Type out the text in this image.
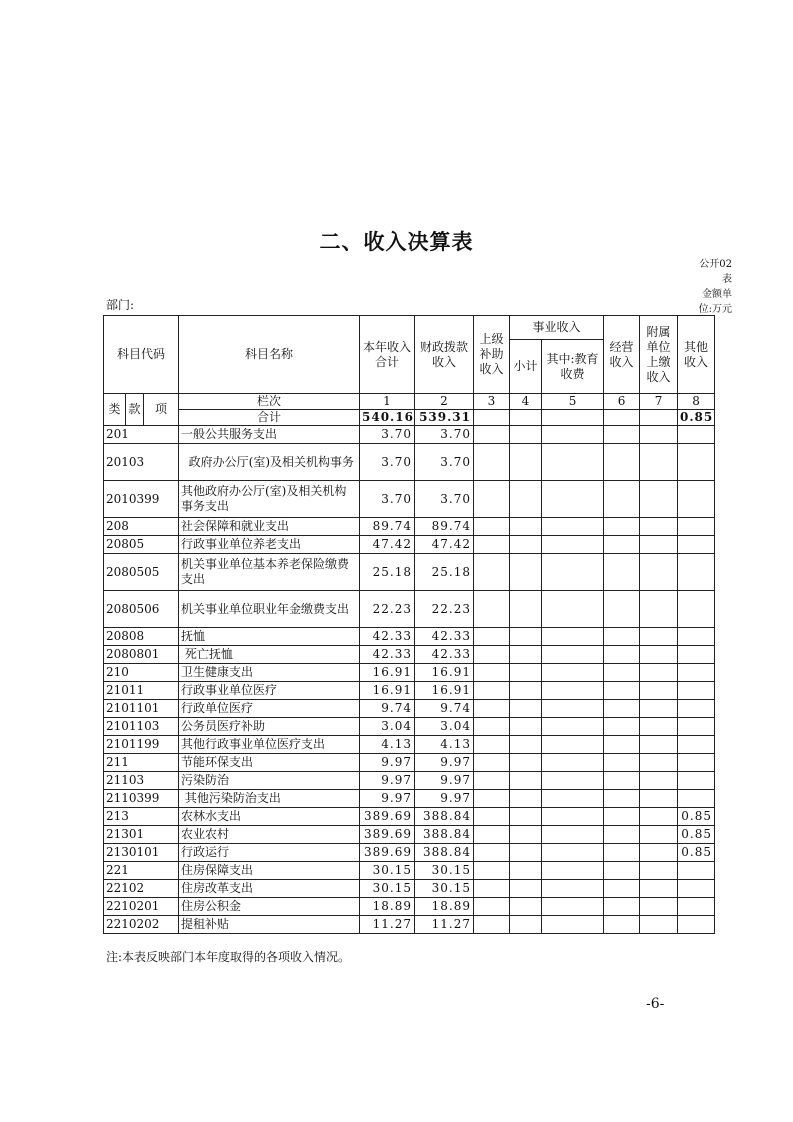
二、收入决算表
公开02
表
金额单
位:万元
部门:
科目代码			科目名称	本年收入合计	财政拨款收入	上级补助收入	事业收入		经营收入	附属单位上缴收入	其他收入
							小计	其中:教育收费			

类	款	项	栏次	1	2	3	4	5	6	7	8
			合计	540.16	539.31						0.85
201			一般公共服务支出	3.70	3.70						
20103			政府办公厅(室)及相关机构事务	3.70	3.70						
2010399			其他政府办公厅(室)及相关机构事务支出	3.70	3.70						
208			社会保障和就业支出	89.74	89.74						
20805			行政事业单位养老支出	47.42	47.42						
2080505			机关事业单位基本养老保险缴费支出	25.18	25.18						
2080506			机关事业单位职业年金缴费支出	22.23	22.23						
20808			抚恤	42.33	42.33						
2080801			死亡抚恤	42.33	42.33						
210			卫生健康支出	16.91	16.91						
21011			行政事业单位医疗	16.91	16.91						
2101101			行政单位医疗	9.74	9.74						
2101103			公务员医疗补助	3.04	3.04						
2101199			其他行政事业单位医疗支出	4.13	4.13						
211			节能环保支出	9.97	9.97						
21103			污染防治	9.97	9.97						
2110399			其他污染防治支出	9.97	9.97						
213			农林水支出	389.69	388.84						0.85
21301			农业农村	389.69	388.84						0.85
2130101			行政运行	389.69	388.84						0.85
221			住房保障支出	30.15	30.15						
22102			住房改革支出	30.15	30.15						
2210201			住房公积金	18.89	18.89						
2210202			提租补贴	11.27	11.27						
注:本表反映部门本年度取得的各项收入情况。
-6-
